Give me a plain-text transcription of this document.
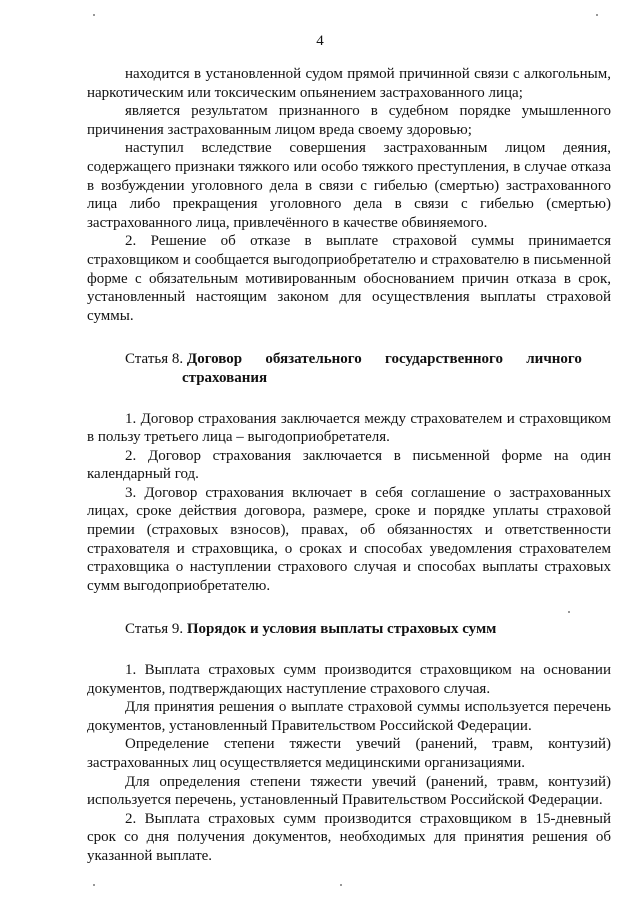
4

находится в установленной судом прямой причинной связи с алкогольным, наркотическим или токсическим опьянением застрахованного лица;

является результатом признанного в судебном порядке умышленного причинения застрахованным лицом вреда своему здоровью;

наступил вследствие совершения застрахованным лицом деяния, содержащего признаки тяжкого или особо тяжкого преступления, в случае отказа в возбуждении уголовного дела в связи с гибелью (смертью) застрахованного лица либо прекращения уголовного дела в связи с гибелью (смертью) застрахованного лица, привлечённого в качестве обвиняемого.

2. Решение об отказе в выплате страховой суммы принимается страховщиком и сообщается выгодоприобретателю и страхователю в письменной форме с обязательным мотивированным обоснованием причин отказа в срок, установленный настоящим законом для осуществления выплаты страховой суммы.

Статья 8. Договор обязательного государственного личного
страхования

1. Договор страхования заключается между страхователем и страховщиком в пользу третьего лица – выгодоприобретателя.

2. Договор страхования заключается в письменной форме на один календарный год.

3. Договор страхования включает в себя соглашение о застрахованных лицах, сроке действия договора, размере, сроке и порядке уплаты страховой премии (страховых взносов), правах, об обязанностях и ответственности страхователя и страховщика, о сроках и способах уведомления страхователем страховщика о наступлении страхового случая и способах выплаты страховых сумм выгодоприобретателю.

Статья 9. Порядок и условия выплаты страховых сумм

1. Выплата страховых сумм производится страховщиком на основании документов, подтверждающих наступление страхового случая.

Для принятия решения о выплате страховой суммы используется перечень документов, установленный Правительством Российской Федерации.

Определение степени тяжести увечий (ранений, травм, контузий) застрахованных лиц осуществляется медицинскими организациями.

Для определения степени тяжести увечий (ранений, травм, контузий) используется перечень, установленный Правительством Российской Федерации.

2. Выплата страховых сумм производится страховщиком в 15-дневный срок со дня получения документов, необходимых для принятия решения об указанной выплате.
